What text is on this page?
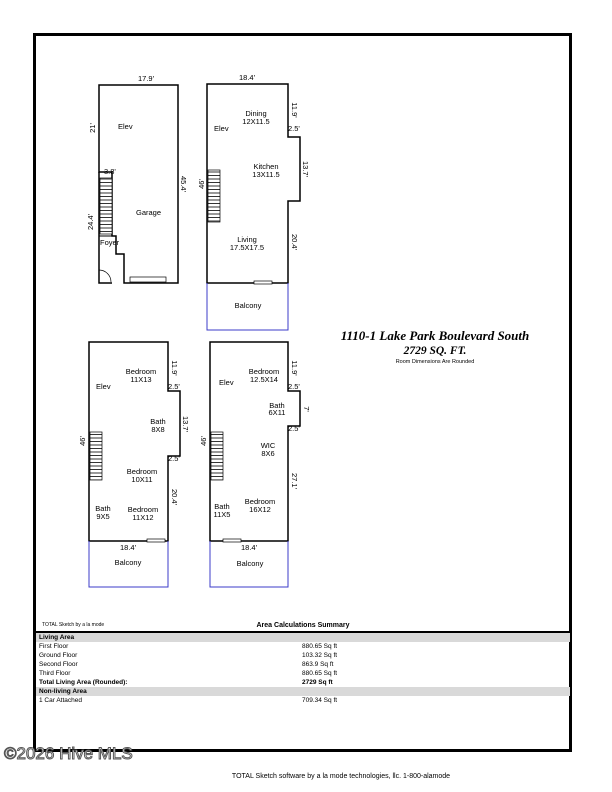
17.9'
21'
3.8'
24.4'
45.4'
Elev
Garage
Foyer
18.4'
11.9'
2.5'
13.7'
46'
20.4'
Elev
Dining
12X11.5
Kitchen
13X11.5
Living
17.5X17.5
Balcony
11.9'
2.5'
13.7'
2.5'
46'
20.4'
18.4'
Elev
Bedroom
11X13
Bath
8X8
Bedroom
10X11
Bath
9X5
Bedroom
11X12
Balcony
11.9'
2.5'
7'
2.5'
46'
27.1'
18.4'
Elev
Bedroom
12.5X14
Bath
6X11
WIC
8X6
Bath
11X5
Bedroom
16X12
Balcony
1110-1 Lake Park Boulevard South
2729 SQ. FT.
Room Dimensions Are Rounded
TOTAL Sketch by a la mode	Area Calculations Summary
Living Area
First Floor	880.65 Sq ft
Ground Floor	103.32 Sq ft
Second Floor	863.9 Sq ft
Third Floor	880.65 Sq ft
Total Living Area (Rounded):	2729 Sq ft
Non-living Area
1 Car Attached	709.34 Sq ft
©2026 Hive MLS
TOTAL Sketch software by a la mode technologies, llc. 1-800-alamode
